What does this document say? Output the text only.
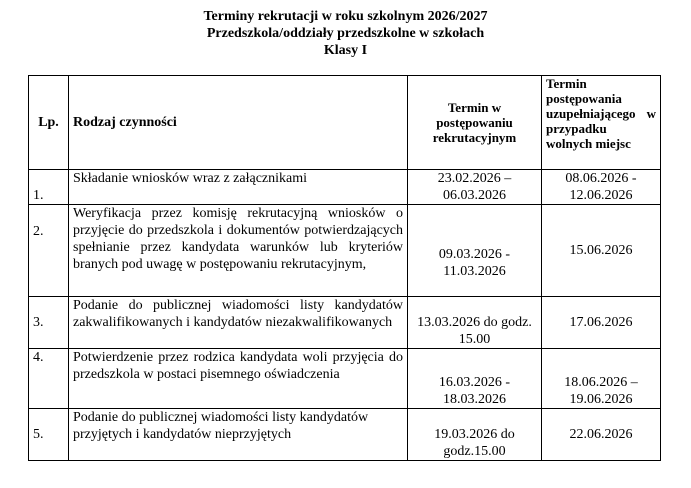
Terminy rekrutacji w roku szkolnym 2026/2027
Przedszkola/oddziały przedszkolne w szkołach
Klasy I
Lp.	Rodzaj czynności	Termin w postępowaniu rekrutacyjnym	Termin postępowania uzupełniającego w przypadku wolnych miejsc
1.	Składanie wniosków wraz z załącznikami	23.02.2026 – 06.03.2026	08.06.2026 - 12.06.2026
2.	Weryfikacja przez komisję rekrutacyjną wniosków o przyjęcie do przedszkola i dokumentów potwierdzających spełnianie przez kandydata warunków lub kryteriów branych pod uwagę w postępowaniu rekrutacyjnym,	09.03.2026 - 11.03.2026	15.06.2026
3.	Podanie do publicznej wiadomości listy kandydatów zakwalifikowanych i kandydatów niezakwalifikowanych	13.03.2026 do godz. 15.00	17.06.2026
4.	Potwierdzenie przez rodzica kandydata woli przyjęcia do przedszkola w postaci pisemnego oświadczenia	16.03.2026 - 18.03.2026	18.06.2026 – 19.06.2026
5.	Podanie do publicznej wiadomości listy kandydatów przyjętych i kandydatów nieprzyjętych	19.03.2026 do godz.15.00	22.06.2026
